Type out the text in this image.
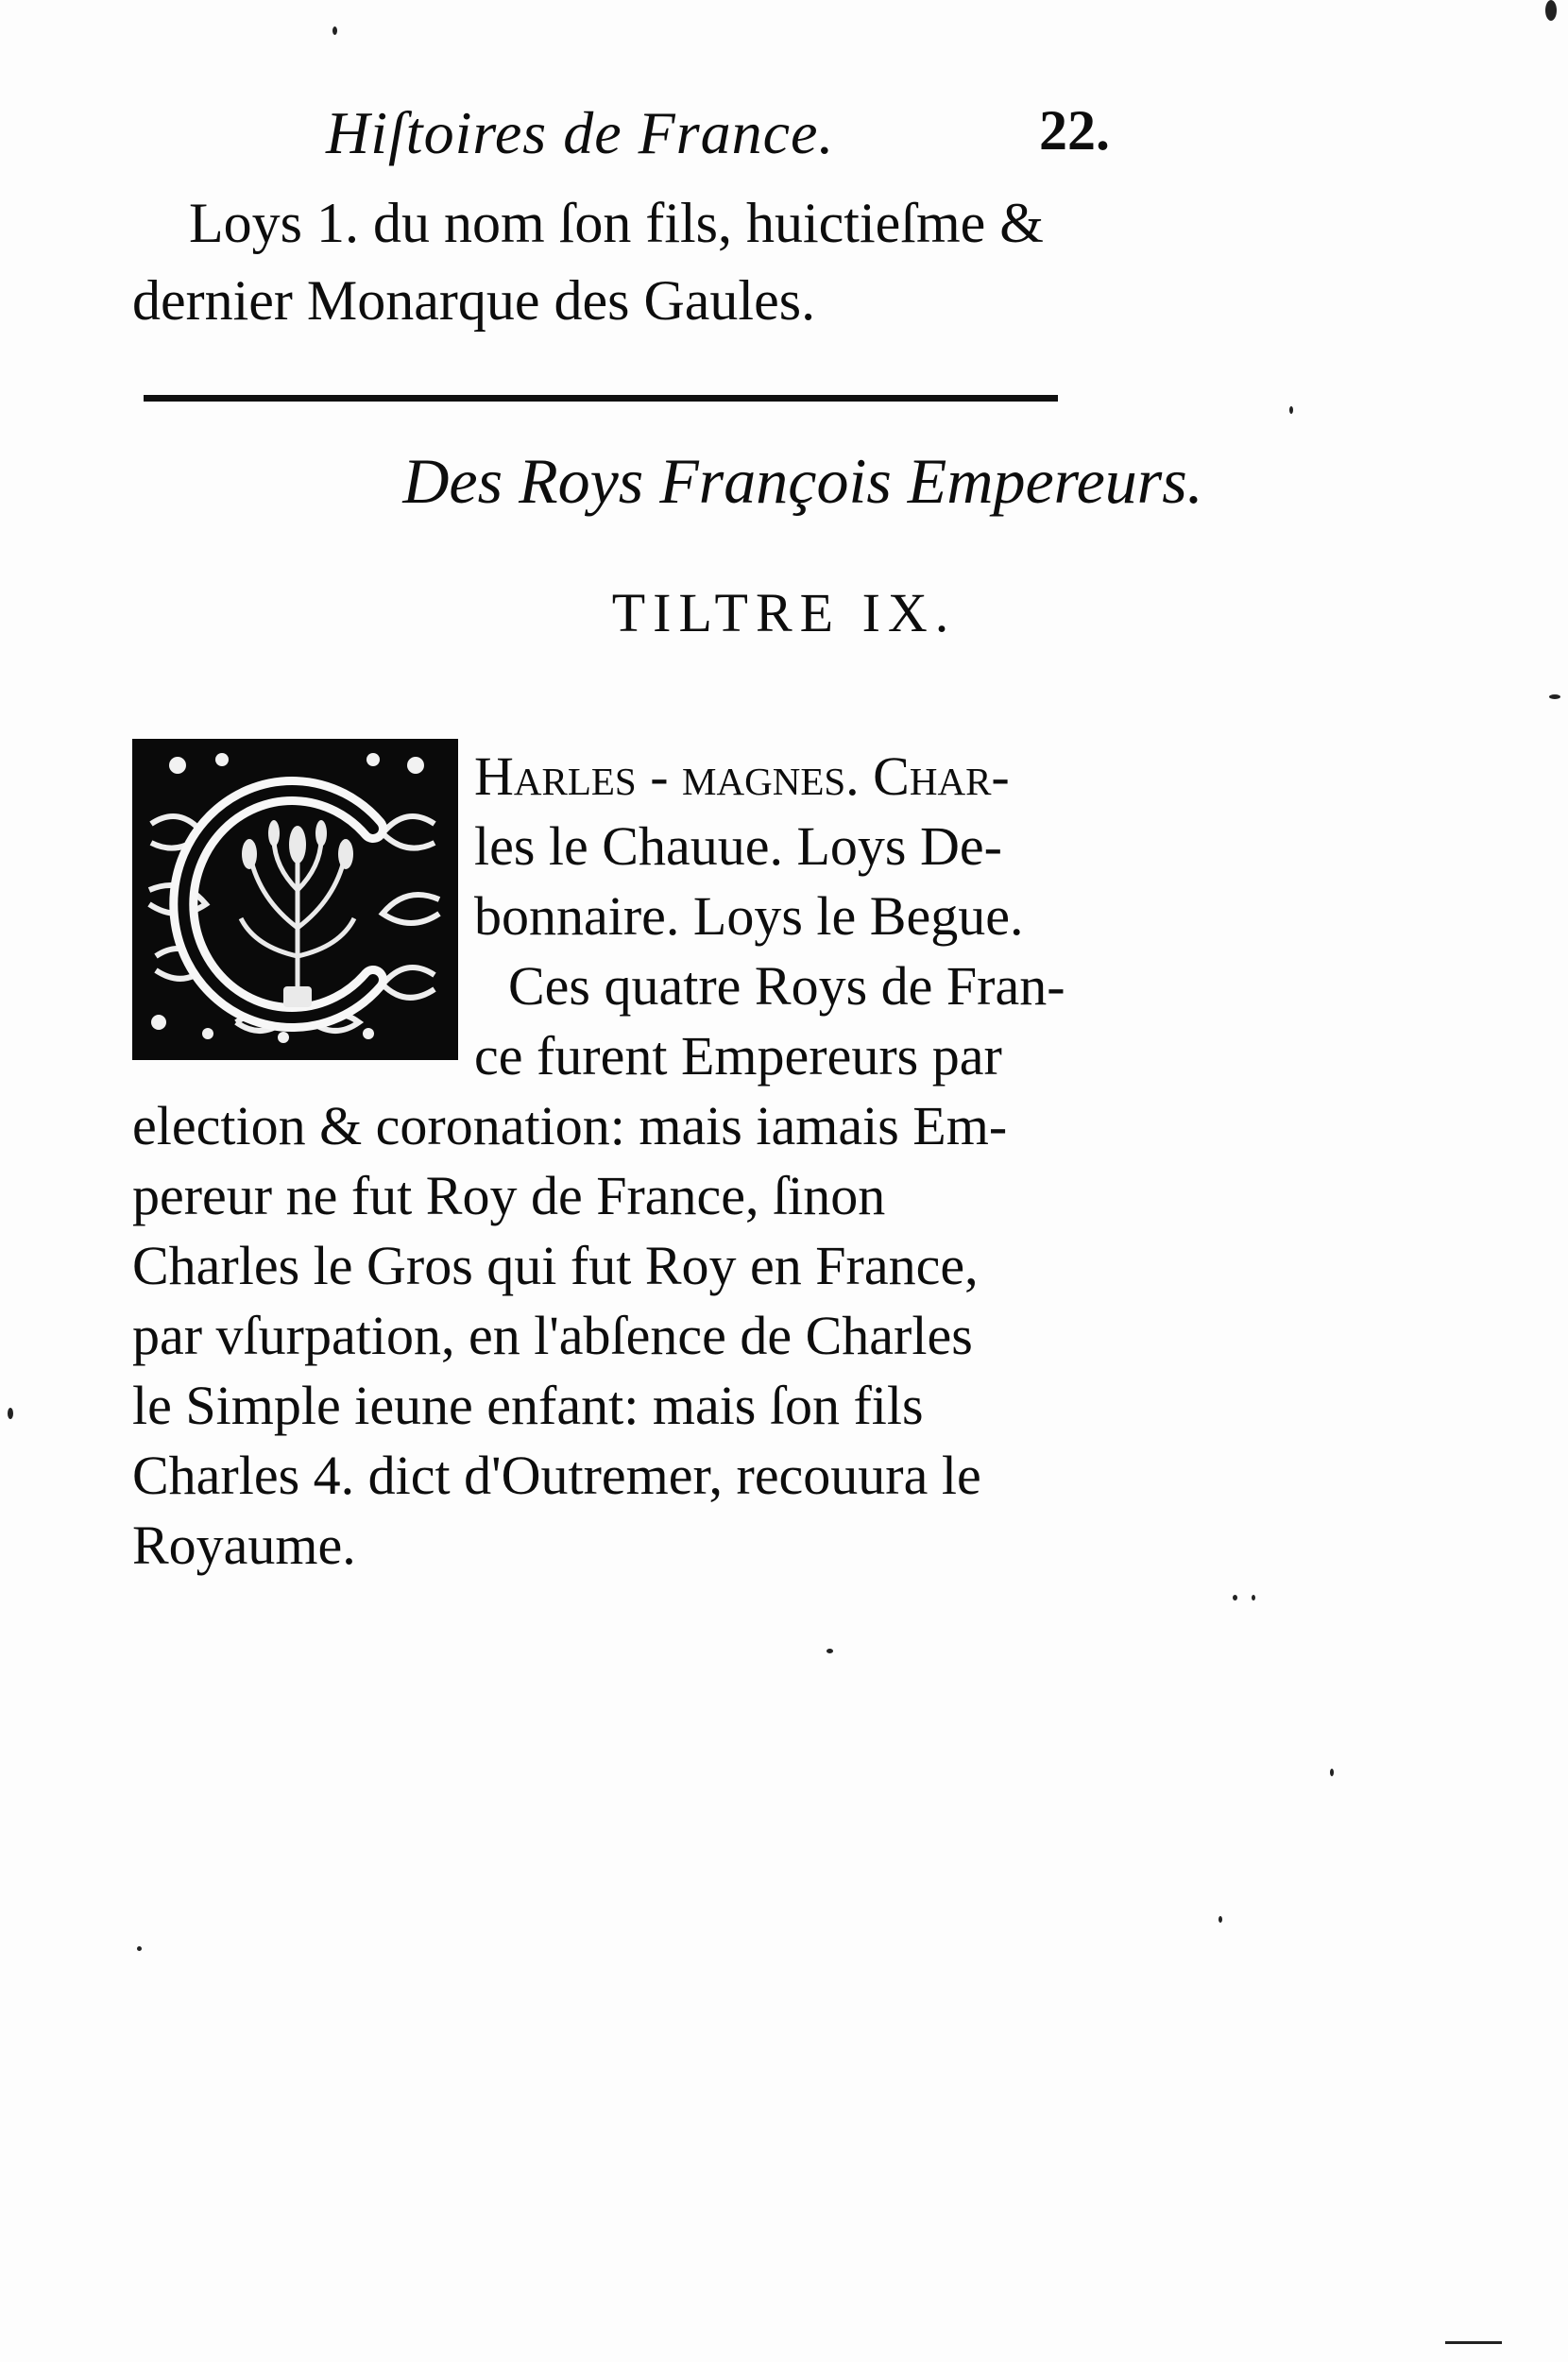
Hiſtoires de France.	22.
Loys 1. du nom ſon fils, huictieſme &
dernier Monarque des Gaules.
Des Roys François Empereurs.
TILTRE IX.
Harles - magnes. Char-
les le Chauue. Loys De-
bonnaire. Loys le Begue.
Ces quatre Roys de Fran-
ce furent Empereurs par
election & coronation: mais iamais Em-
pereur ne fut Roy de France, ſinon
Charles le Gros qui fut Roy en France,
par vſurpation, en l'abſence de Charles
le Simple ieune enfant: mais ſon fils
Charles 4. dict d'Outremer, recouura le
Royaume.
